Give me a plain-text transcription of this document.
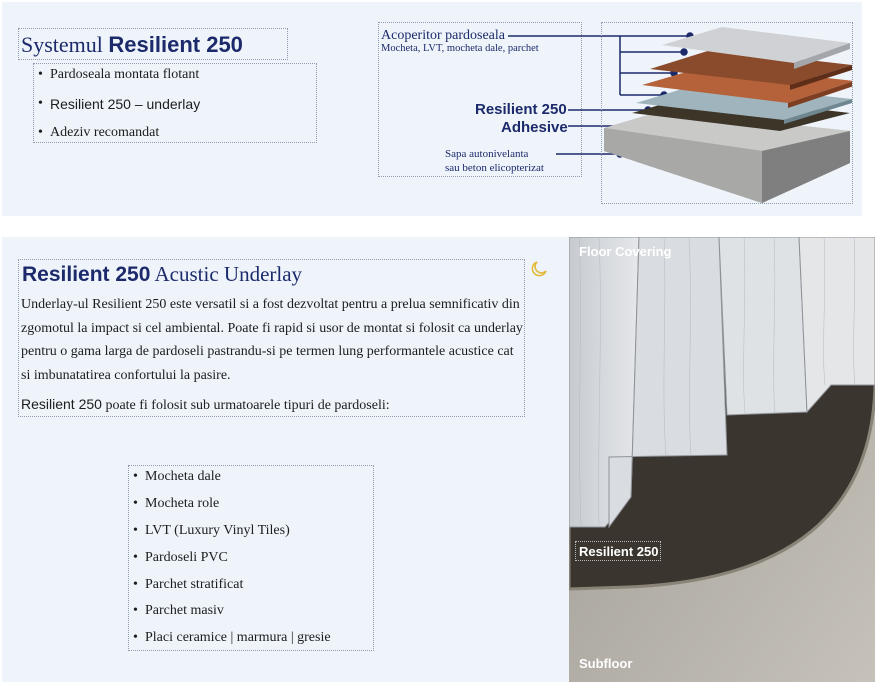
Systemul Resilient 250
• Pardoseala montata flotant
• Resilient 250 – underlay
• Adeziv recomandat
Acoperitor pardoseala
Mocheta, LVT, mocheta dale, parchet
Resilient 250
Adhesive
Sapa autonivelanta
sau beton elicopterizat
Resilient 250 Acustic Underlay
Underlay-ul Resilient 250 este versatil si a fost dezvoltat pentru a prelua semnificativ din zgomotul la impact si cel ambiental. Poate fi rapid si usor de montat si folosit ca underlay pentru o gama larga de pardoseli pastrandu-si pe termen lung performantele acustice cat si imbunatatirea confortului la pasire.
Resilient 250 poate fi folosit sub urmatoarele tipuri de pardoseli:
• Mocheta dale
• Mocheta role
• LVT (Luxury Vinyl Tiles)
• Pardoseli PVC
• Parchet stratificat
• Parchet masiv
• Placi ceramice | marmura | gresie
Floor Covering
Resilient 250
Subfloor
